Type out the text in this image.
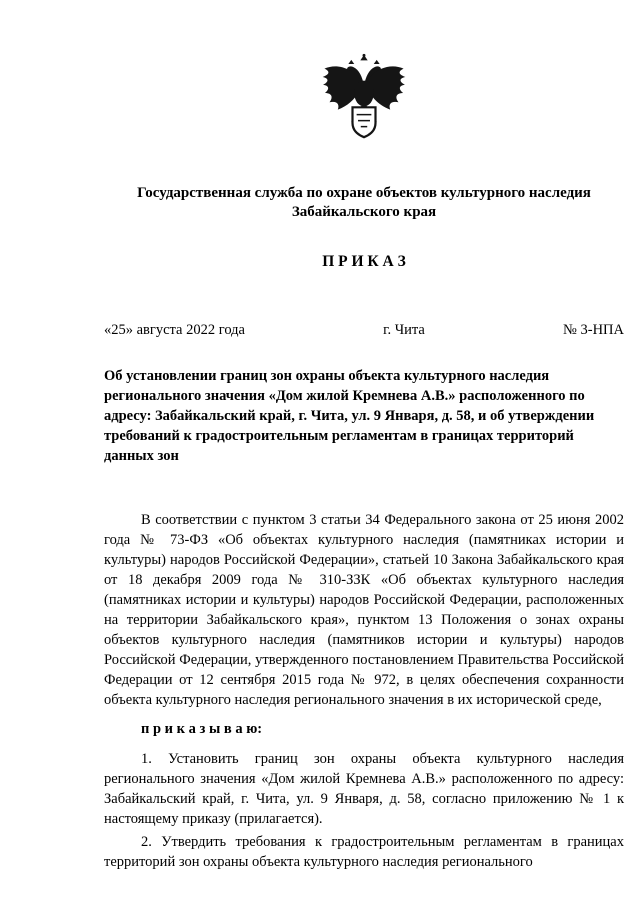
Государственная служба по охране объектов культурного наследия Забайкальского края
П Р И К А З
«25» августа 2022 года	г. Чита	№ 3-НПА

Об установлении границ зон охраны объекта культурного наследия регионального значения «Дом жилой Кремнева А.В.» расположенного по адресу: Забайкальский край, г. Чита, ул. 9 Января, д. 58, и об утверждении требований к градостроительным регламентам в границах территорий данных зон

В соответствии с пунктом 3 статьи 34 Федерального закона от 25 июня 2002 года № 73-ФЗ «Об объектах культурного наследия (памятниках истории и культуры) народов Российской Федерации», статьей 10 Закона Забайкальского края от 18 декабря 2009 года № 310-ЗЗК «Об объектах культурного наследия (памятниках истории и культуры) народов Российской Федерации, расположенных на территории Забайкальского края», пунктом 13 Положения о зонах охраны объектов культурного наследия (памятников истории и культуры) народов Российской Федерации, утвержденного постановлением Правительства Российской Федерации от 12 сентября 2015 года № 972, в целях обеспечения сохранности объекта культурного наследия регионального значения в их исторической среде,

п р и к а з ы в а ю:

1. Установить границ зон охраны объекта культурного наследия регионального значения «Дом жилой Кремнева А.В.» расположенного по адресу: Забайкальский край, г. Чита, ул. 9 Января, д. 58, согласно приложению № 1 к настоящему приказу (прилагается).

2. Утвердить требования к градостроительным регламентам в границах территорий зон охраны объекта культурного наследия регионального
